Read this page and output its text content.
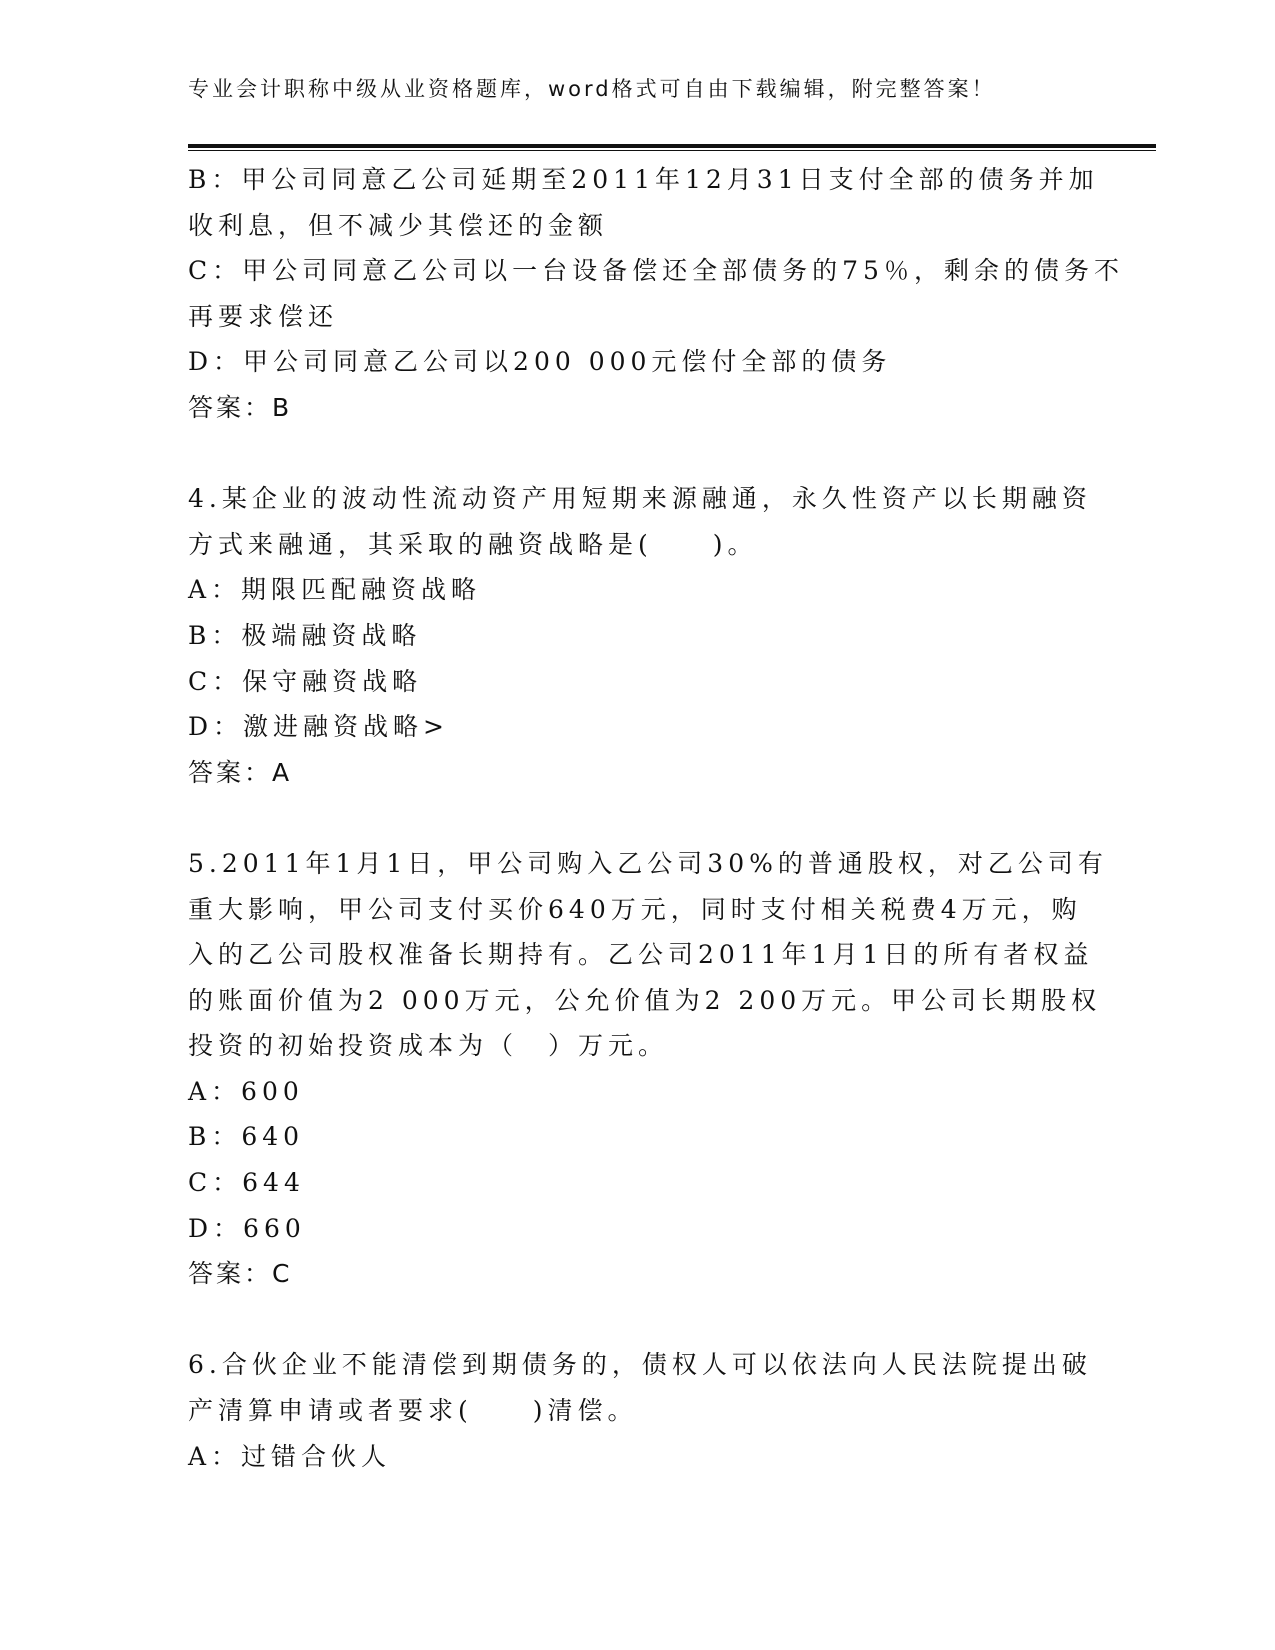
专业会计职称中级从业资格题库，word格式可自由下载编辑，附完整答案！
B：甲公司同意乙公司延期至2011年12月31日支付全部的债务并加
收利息，但不减少其偿还的金额
C：甲公司同意乙公司以一台设备偿还全部债务的75％，剩余的债务不
再要求偿还
D：甲公司同意乙公司以200 000元偿付全部的债务
答案：B
4.某企业的波动性流动资产用短期来源融通，永久性资产以长期融资
方式来融通，其采取的融资战略是(　　)。
A：期限匹配融资战略
B：极端融资战略
C：保守融资战略
D：激进融资战略>
答案：A
5.2011年1月1日，甲公司购入乙公司30%的普通股权，对乙公司有
重大影响，甲公司支付买价640万元，同时支付相关税费4万元，购
入的乙公司股权准备长期持有。乙公司2011年1月1日的所有者权益
的账面价值为2 000万元，公允价值为2 200万元。甲公司长期股权
投资的初始投资成本为（　）万元。
A：600
B：640
C：644
D：660
答案：C
6.合伙企业不能清偿到期债务的，债权人可以依法向人民法院提出破
产清算申请或者要求(　　)清偿。
A：过错合伙人
